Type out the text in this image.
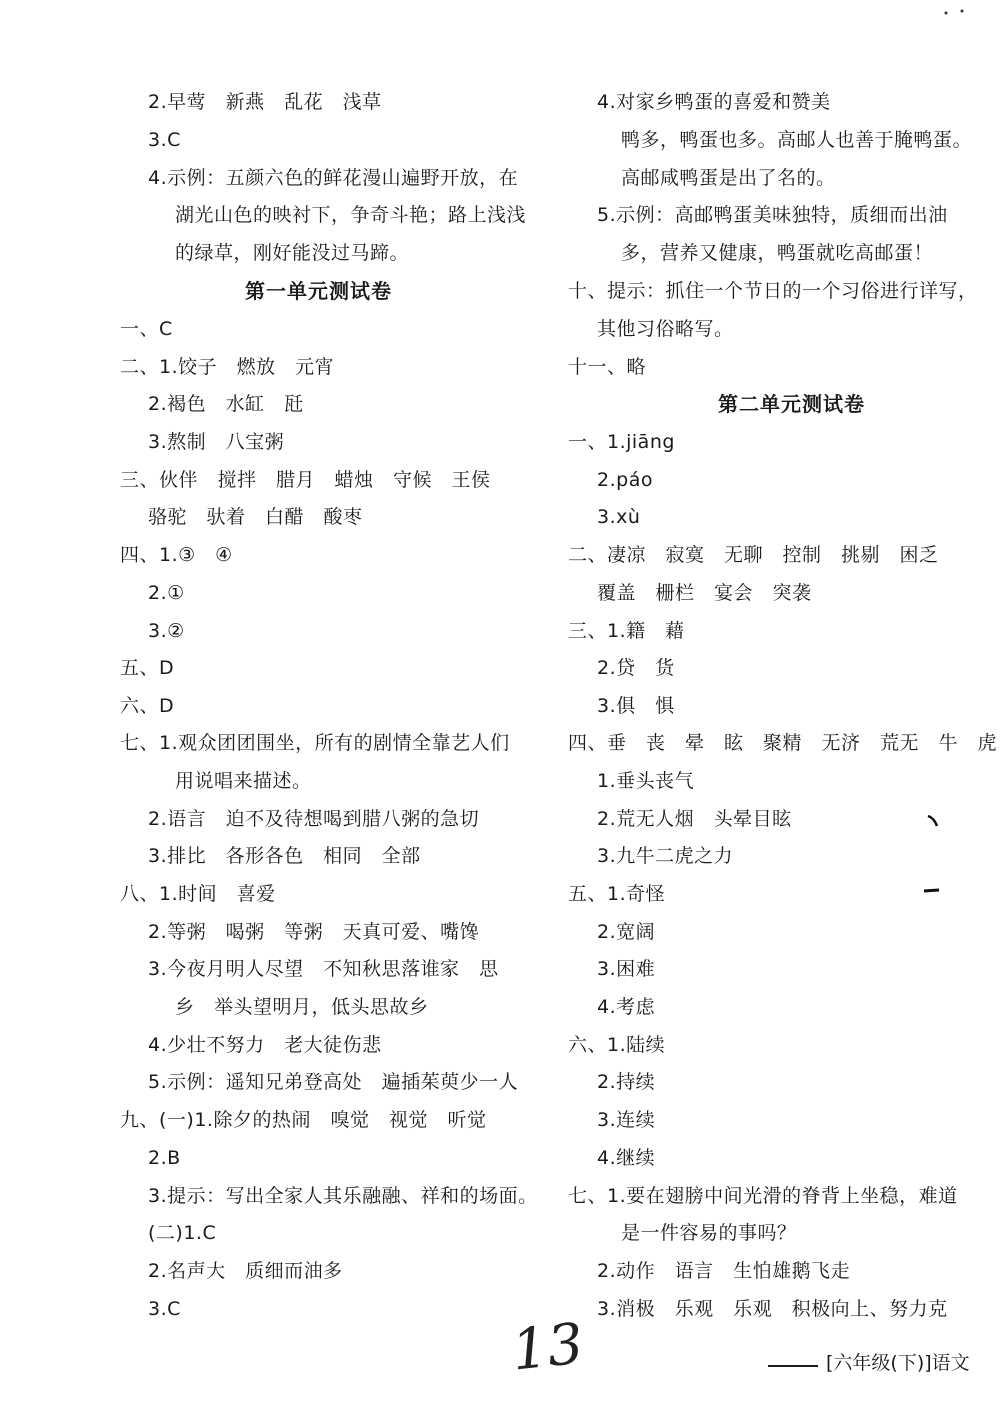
2.早莺　新燕　乱花　浅草
3.C
4.示例：五颜六色的鲜花漫山遍野开放，在
湖光山色的映衬下，争奇斗艳；路上浅浅
的绿草，刚好能没过马蹄。
第一单元测试卷
一、C
二、1.饺子　燃放　元宵
2.褐色　水缸　瓩
3.熬制　八宝粥
三、伙伴　搅拌　腊月　蜡烛　守候　王侯
骆驼　驮着　白醋　酸枣
四、1.③　④
2.①
3.②
五、D
六、D
七、1.观众团团围坐，所有的剧情全靠艺人们
用说唱来描述。
2.语言　迫不及待想喝到腊八粥的急切
3.排比　各形各色　相同　全部
八、1.时间　喜爱
2.等粥　喝粥　等粥　天真可爱、嘴馋
3.今夜月明人尽望　不知秋思落谁家　思
乡　举头望明月，低头思故乡
4.少壮不努力　老大徒伤悲
5.示例：遥知兄弟登高处　遍插茱萸少一人
九、(一)1.除夕的热闹　嗅觉　视觉　听觉
2.B
3.提示：写出全家人其乐融融、祥和的场面。
(二)1.C
2.名声大　质细而油多
3.C
4.对家乡鸭蛋的喜爱和赞美
鸭多，鸭蛋也多。高邮人也善于腌鸭蛋。
高邮咸鸭蛋是出了名的。
5.示例：高邮鸭蛋美味独特，质细而出油
多，营养又健康，鸭蛋就吃高邮蛋！
十、提示：抓住一个节日的一个习俗进行详写，
其他习俗略写。
十一、略
第二单元测试卷
一、1.jiāng
2.páo
3.xù
二、凄凉　寂寞　无聊　控制　挑剔　困乏
覆盖　栅栏　宴会　突袭
三、1.籍　藉
2.贷　货
3.俱　惧
四、垂　丧　晕　眩　聚精　无济　荒无　牛　虎
1.垂头丧气
2.荒无人烟　头晕目眩
3.九牛二虎之力
五、1.奇怪
2.宽阔
3.困难
4.考虑
六、1.陆续
2.持续
3.连续
4.继续
七、1.要在翅膀中间光滑的脊背上坐稳，难道
是一件容易的事吗？
2.动作　语言　生怕雄鹅飞走
3.消极　乐观　乐观　积极向上、努力克
13	[六年级(下)]语文
